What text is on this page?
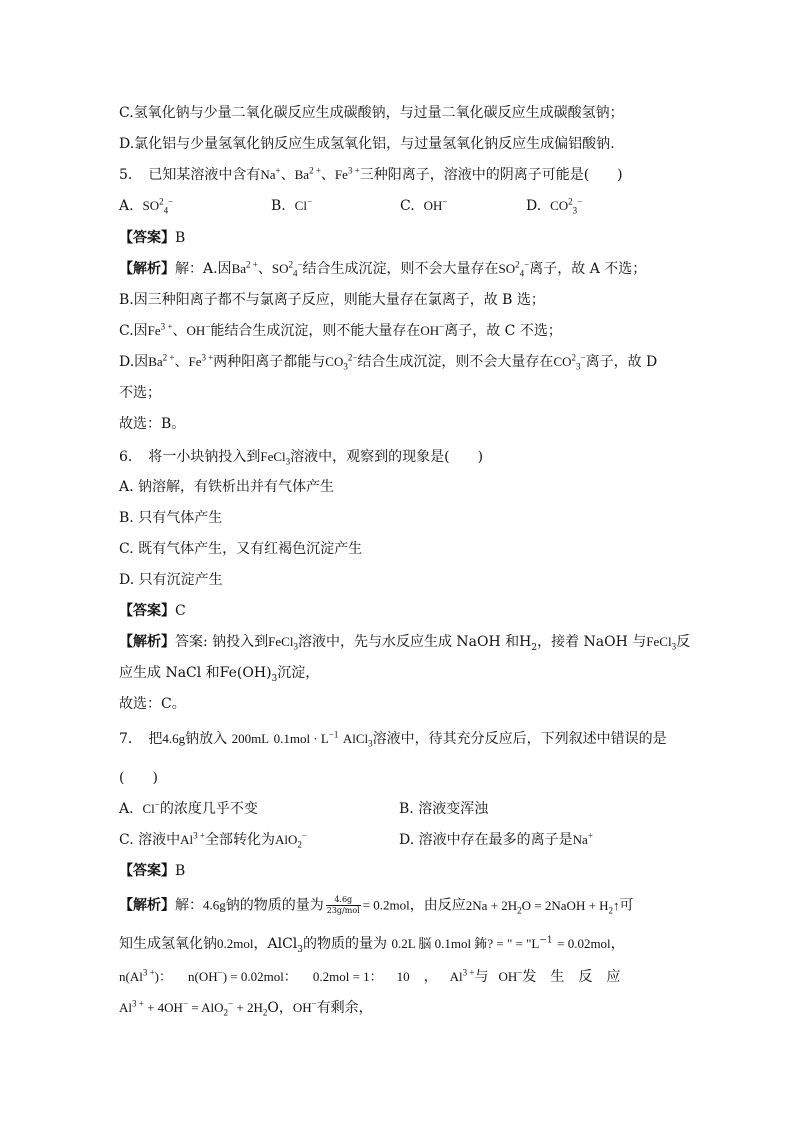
C.氢氧化钠与少量二氧化碳反应生成碳酸钠，与过量二氧化碳反应生成碳酸氢钠；
D.氯化铝与少量氢氧化钠反应生成氢氧化铝，与过量氢氧化钠反应生成偏铝酸钠.
5. 已知某溶液中含有Na+、$Ba^{2 +}$、$Fe^{3 +}$三种阳离子，溶液中的阴离子可能是(　　)
A. $SO^2_4^-$	B. Cl−	C. OH−	D. $CO^2_3^-$
【答案】B
【解析】解：A.因$Ba^{2 +}$、$SO^2_4^-$结合生成沉淀，则不会大量存在$SO^2_4^-$离子，故 A 不选；
B.因三种阳离子都不与氯离子反应，则能大量存在氯离子，故 B 选；
C.因$Fe^{3 +}$、OH−能结合生成沉淀，则不能大量存在OH−离子，故 C 不选；
D.因$Ba^{2 +}$、$Fe^{3 +}$两种阳离子都能与$CO_3^{2-}$结合生成沉淀，则不会大量存在$CO^2_3^-$离子，故 D
不选；
故选：B。
6. 将一小块钠投入到FeCl$_3$溶液中，观察到的现象是(　　)
A. 钠溶解，有铁析出并有气体产生
B. 只有气体产生
C. 既有气体产生，又有红褐色沉淀产生
D. 只有沉淀产生
【答案】C
【解析】答案: 钠投入到FeCl$_3$溶液中，先与水反应生成 NaOH 和$H_2$，接着 NaOH 与FeCl$_3$反
应生成 NaCl 和$Fe(OH)_3$沉淀，
故选：C。
7. 把4.6g钠放入 200mL $0.1mol \cdot L^{-1}$ AlCl$_3$溶液中，待其充分反应后，下列叙述中错误的是
(　　)
A. Cl−的浓度几乎不变	B. 溶液变浑浊
C. 溶液中$Al^{3 +}$全部转化为AlO$_2$−	D. 溶液中存在最多的离子是Na+
【答案】B
【解析】解：4.6g钠的物质的量为 $\frac{4.6g}{\text{23g/mol}} = 0.2mol$，由反应$2Na + 2H_2O$ = 2NaOH + $H_2↑$可
知生成氢氧化钠0.2mol，AlCl$_3$的物质的量为 0.2L 脳 0.1mol 鈽? = " = "$L^{-1} = 0.02mol$，
$n(Al^{3 +})$： n(OH−) = 0.02mol： 0.2mol = 1： 10 ， $Al^{3 +}$与 OH−发　生　反　应
$Al^{3 +} + 4OH^- = AlO_2^- + 2H_2O$，OH−有剩余，
